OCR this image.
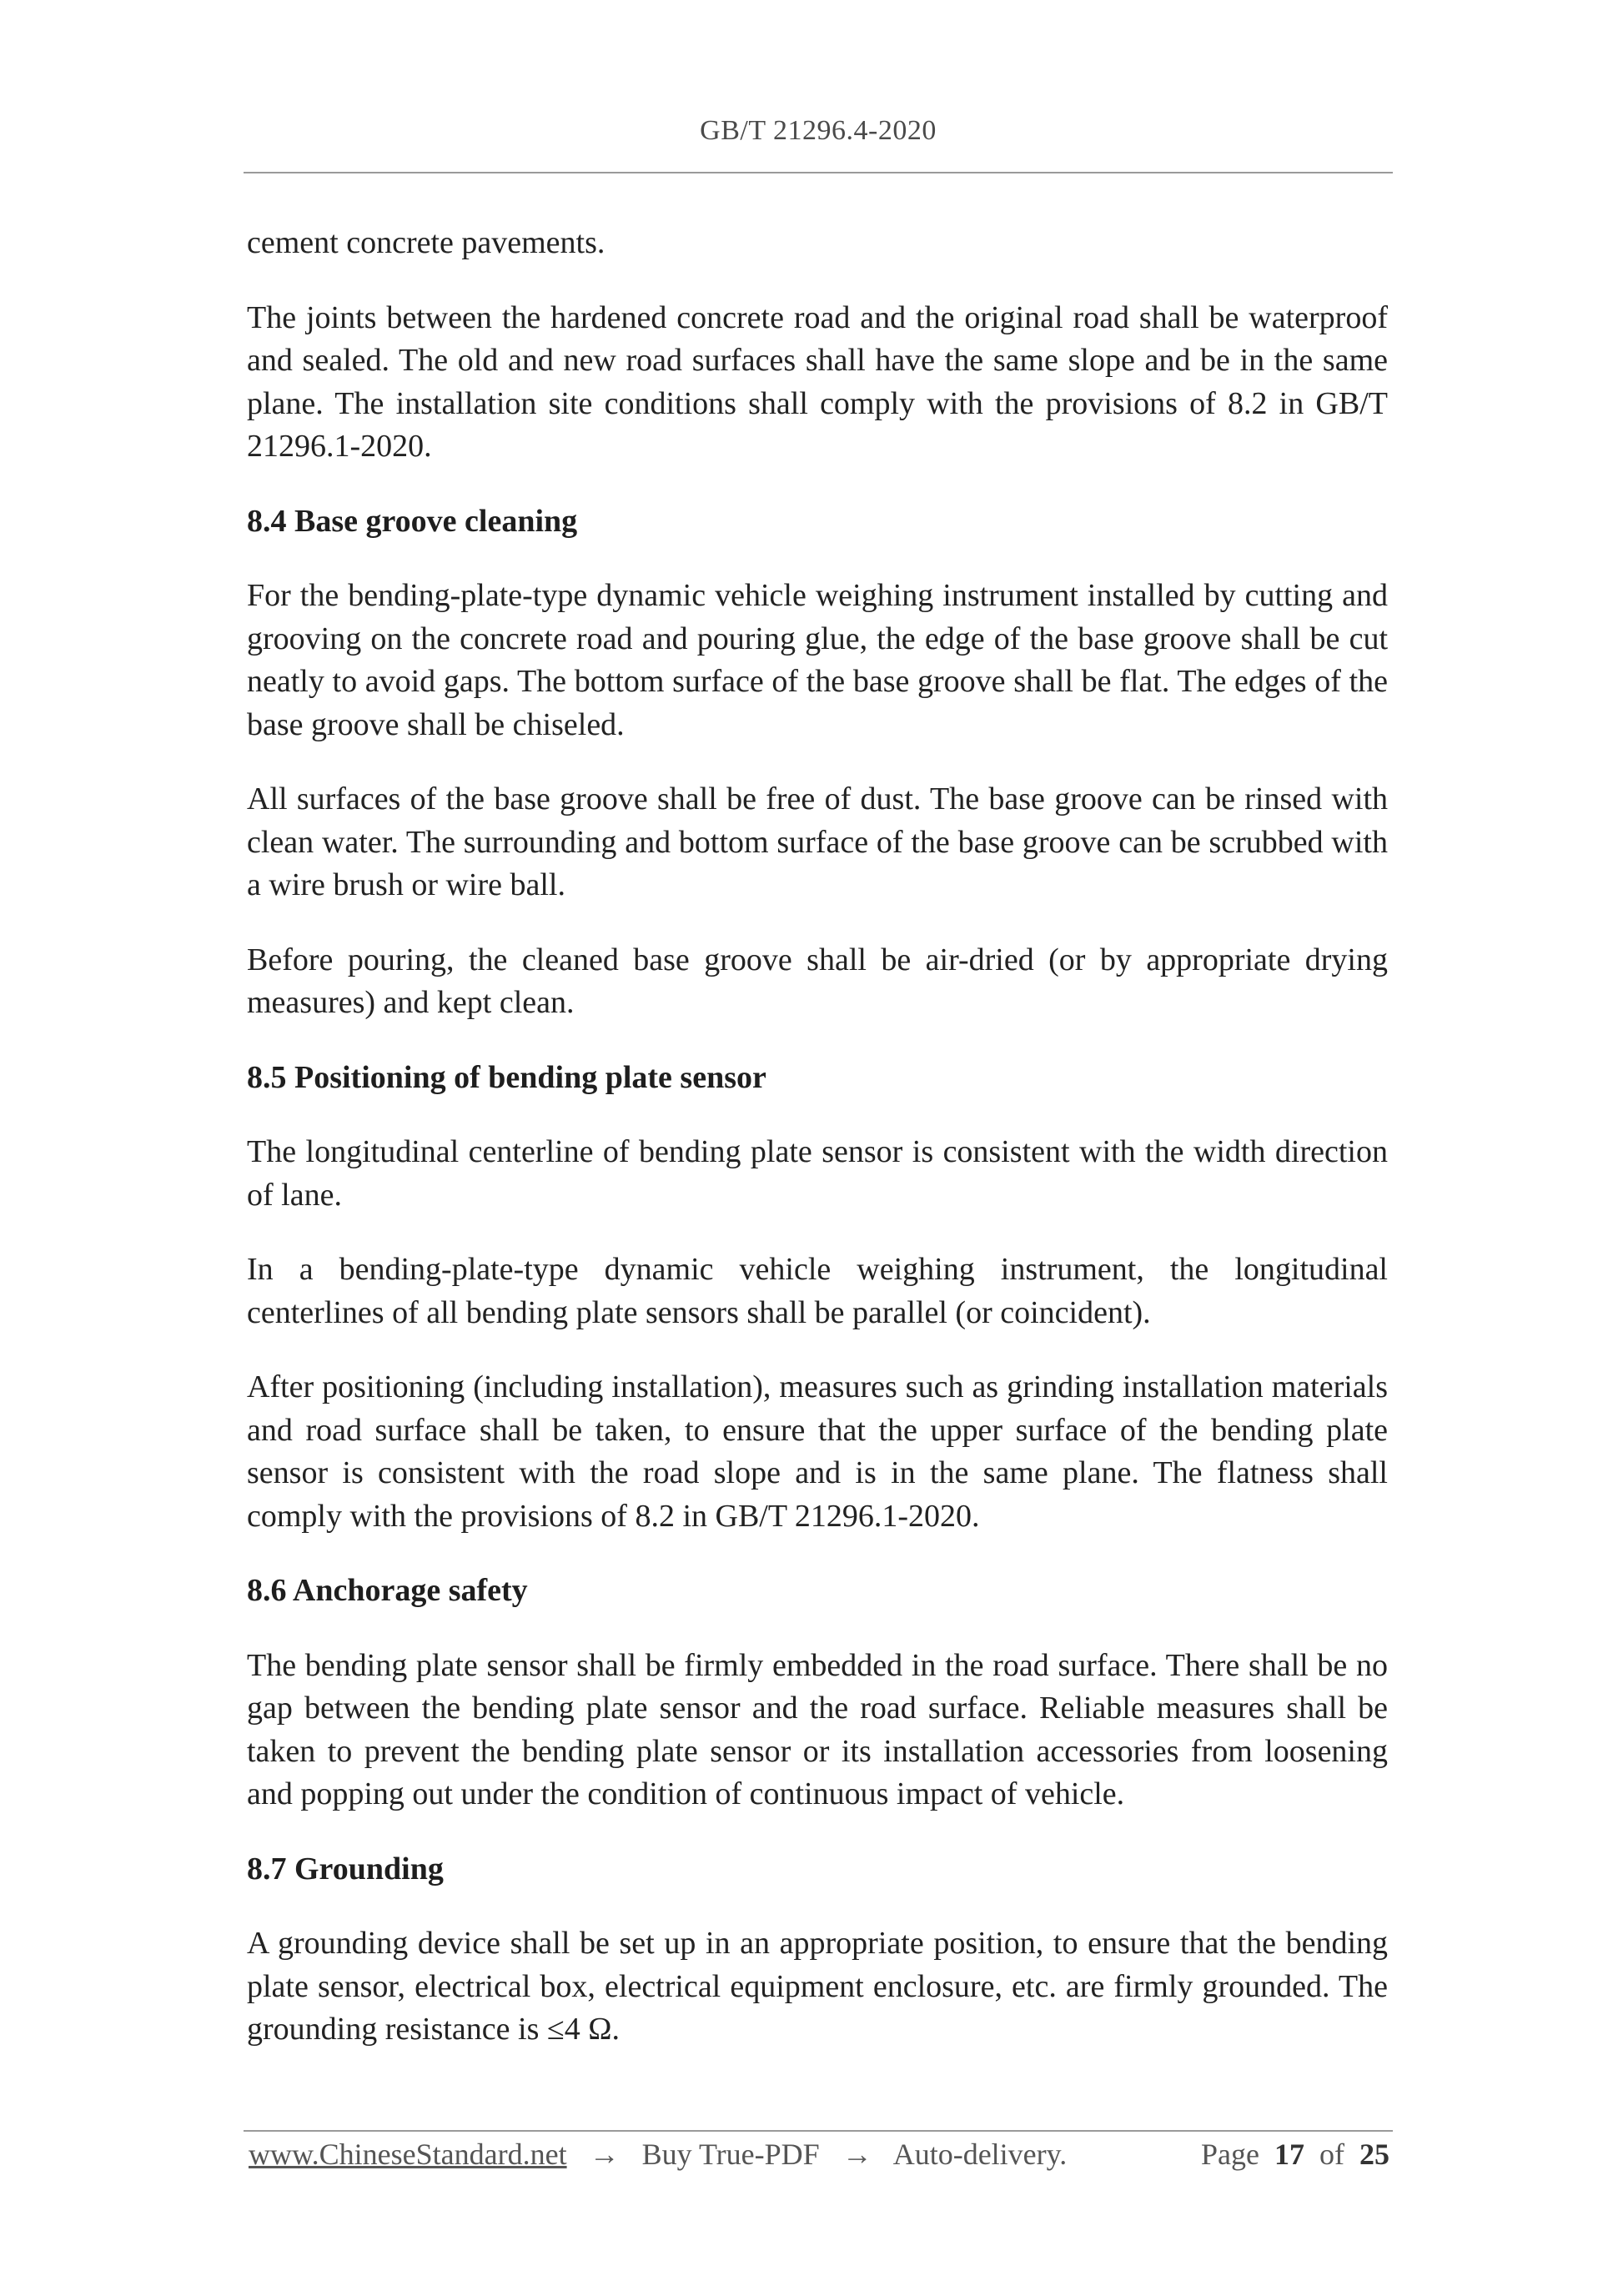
GB/T 21296.4-2020

cement concrete pavements.

The joints between the hardened concrete road and the original road shall be waterproof and sealed. The old and new road surfaces shall have the same slope and be in the same plane. The installation site conditions shall comply with the provisions of 8.2 in GB/T 21296.1-2020.

8.4 Base groove cleaning

For the bending-plate-type dynamic vehicle weighing instrument installed by cutting and grooving on the concrete road and pouring glue, the edge of the base groove shall be cut neatly to avoid gaps. The bottom surface of the base groove shall be flat. The edges of the base groove shall be chiseled.

All surfaces of the base groove shall be free of dust. The base groove can be rinsed with clean water. The surrounding and bottom surface of the base groove can be scrubbed with a wire brush or wire ball.

Before pouring, the cleaned base groove shall be air-dried (or by appropriate drying measures) and kept clean.

8.5 Positioning of bending plate sensor

The longitudinal centerline of bending plate sensor is consistent with the width direction of lane.

In a bending-plate-type dynamic vehicle weighing instrument, the longitudinal centerlines of all bending plate sensors shall be parallel (or coincident).

After positioning (including installation), measures such as grinding installation materials and road surface shall be taken, to ensure that the upper surface of the bending plate sensor is consistent with the road slope and is in the same plane. The flatness shall comply with the provisions of 8.2 in GB/T 21296.1-2020.

8.6 Anchorage safety

The bending plate sensor shall be firmly embedded in the road surface. There shall be no gap between the bending plate sensor and the road surface. Reliable measures shall be taken to prevent the bending plate sensor or its installation accessories from loosening and popping out under the condition of continuous impact of vehicle.

8.7 Grounding

A grounding device shall be set up in an appropriate position, to ensure that the bending plate sensor, electrical box, electrical equipment enclosure, etc. are firmly grounded. The grounding resistance is ≤4 Ω.

www.ChineseStandard.net → Buy True-PDF → Auto-delivery.	Page 17 of 25
